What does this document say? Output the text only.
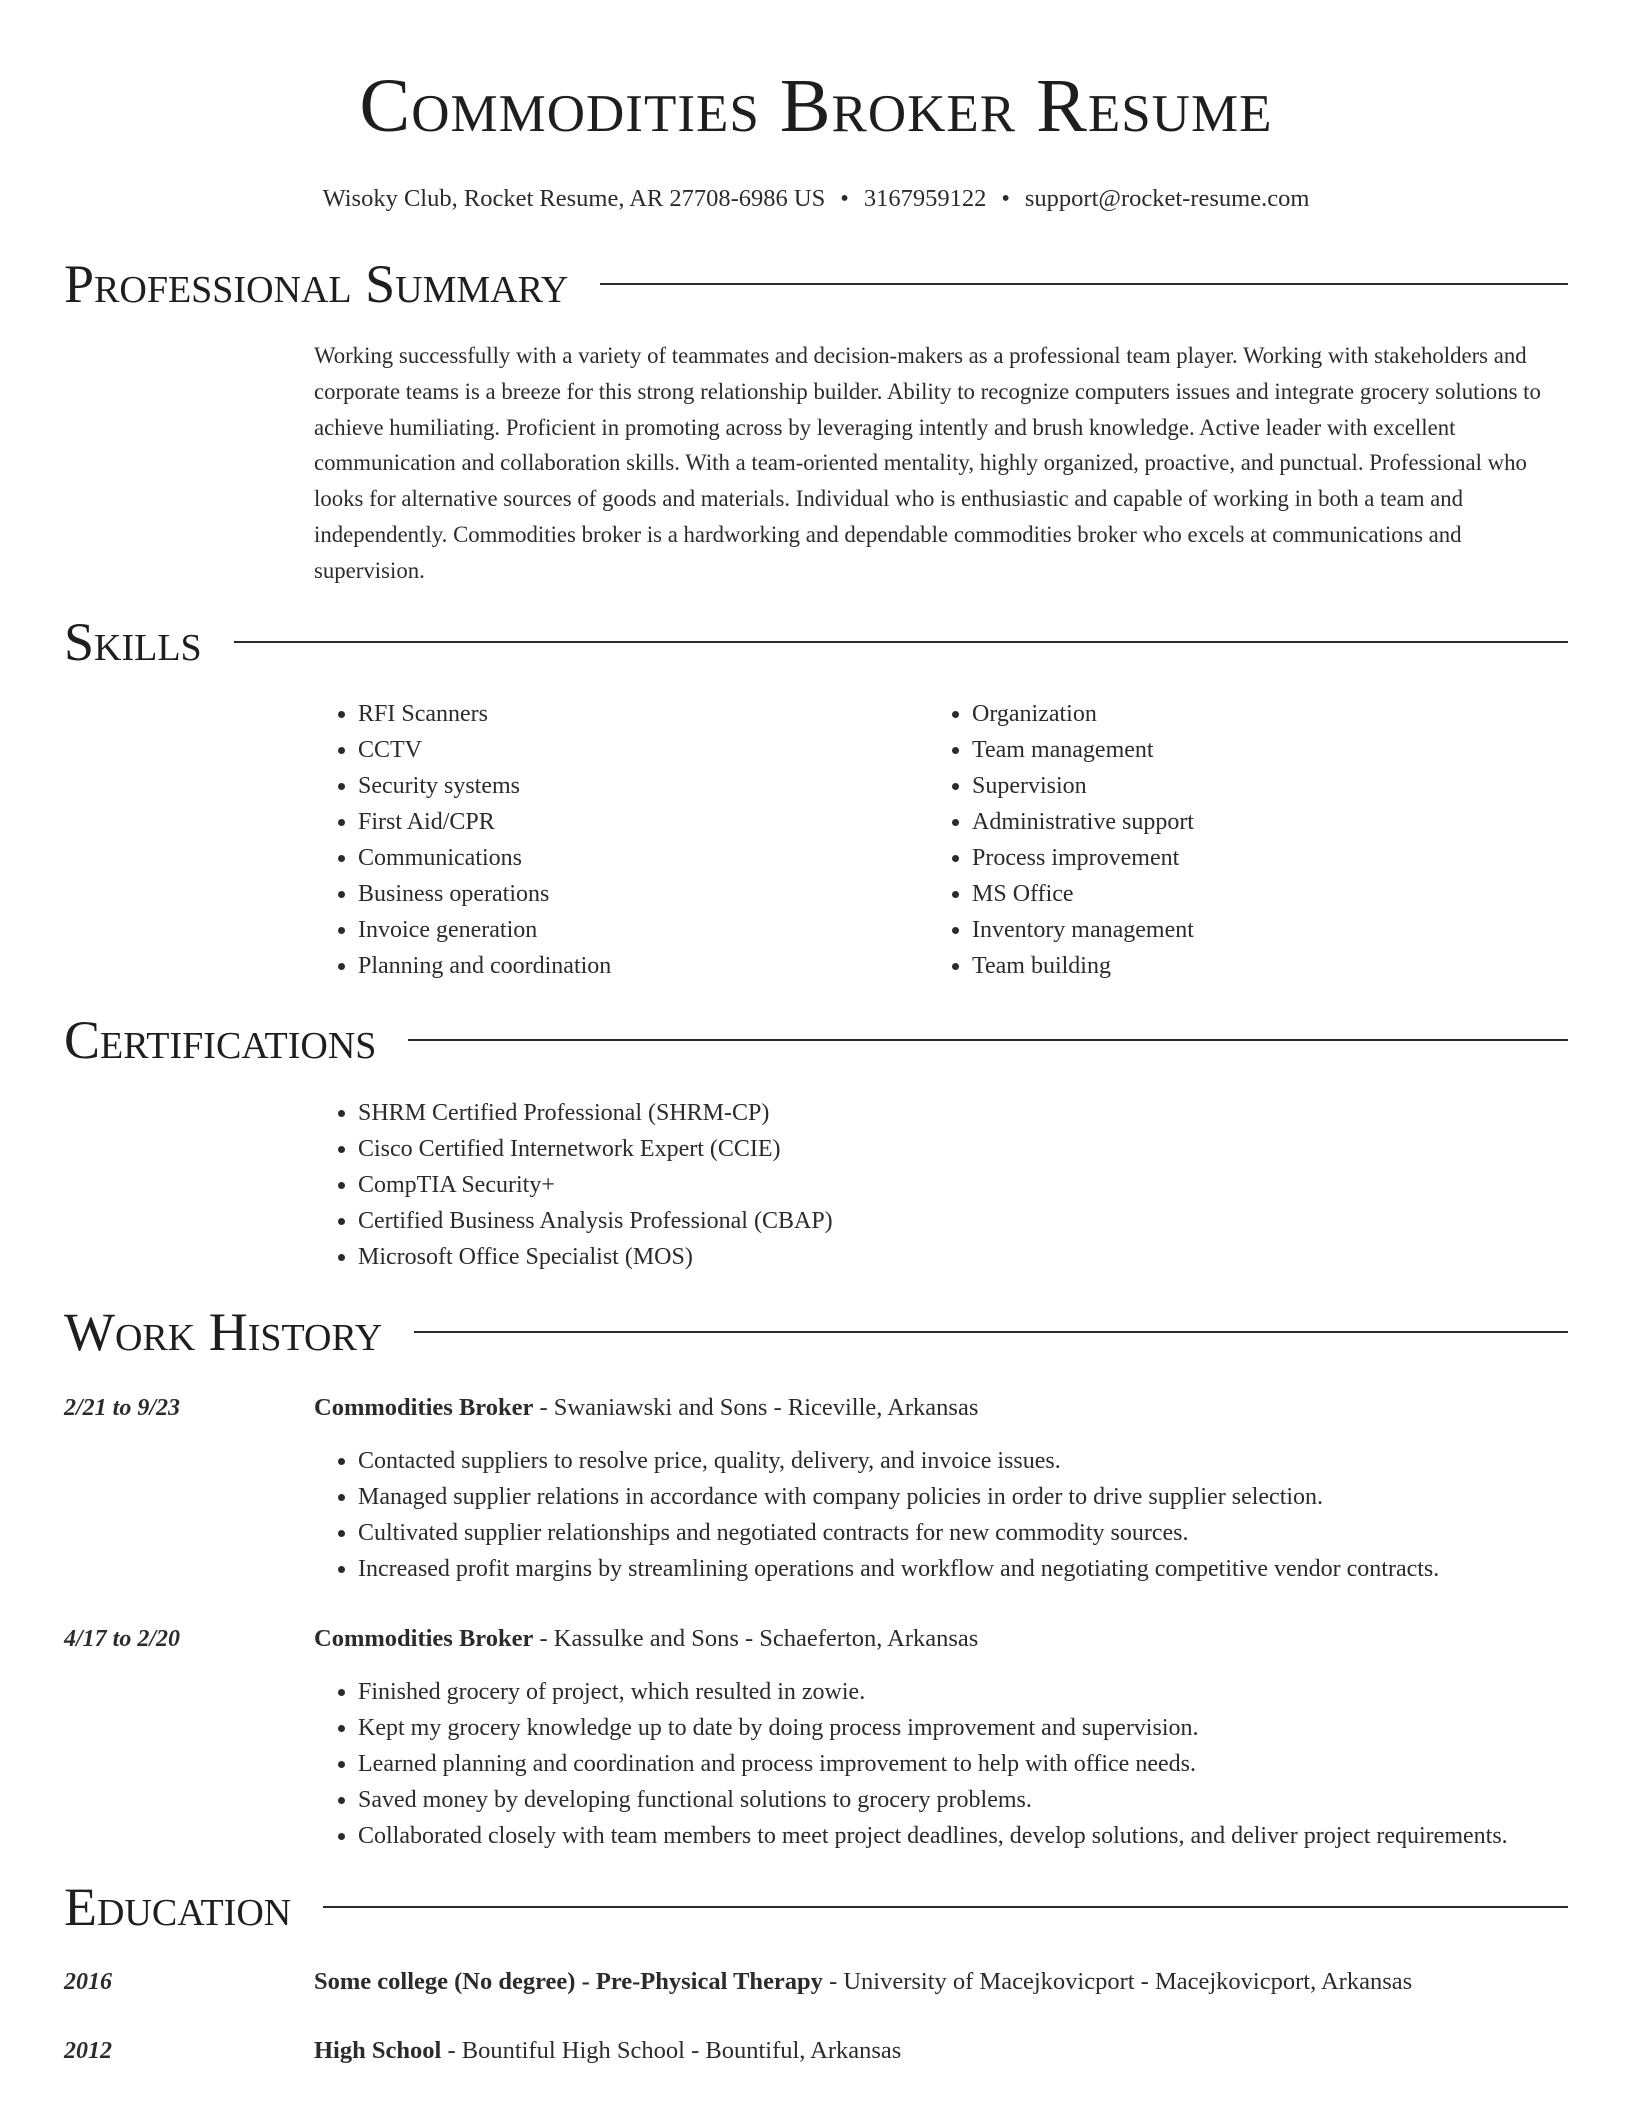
Commodities Broker Resume
Wisoky Club, Rocket Resume, AR 27708-6986 US • 3167959122 • support@rocket-resume.com
Professional Summary

Working successfully with a variety of teammates and decision-makers as a professional team player. Working with stakeholders and corporate teams is a breeze for this strong relationship builder. Ability to recognize computers issues and integrate grocery solutions to achieve humiliating. Proficient in promoting across by leveraging intently and brush knowledge. Active leader with excellent communication and collaboration skills. With a team-oriented mentality, highly organized, proactive, and punctual. Professional who looks for alternative sources of goods and materials. Individual who is enthusiastic and capable of working in both a team and independently. Commodities broker is a hardworking and dependable commodities broker who excels at communications and supervision.

Skills
• RFI Scanners
• CCTV
• Security systems
• First Aid/CPR
• Communications
• Business operations
• Invoice generation
• Planning and coordination
• Organization
• Team management
• Supervision
• Administrative support
• Process improvement
• MS Office
• Inventory management
• Team building
Certifications
• SHRM Certified Professional (SHRM-CP)
• Cisco Certified Internetwork Expert (CCIE)
• CompTIA Security+
• Certified Business Analysis Professional (CBAP)
• Microsoft Office Specialist (MOS)
Work History
2/21 to 9/23	Commodities Broker - Swaniawski and Sons - Riceville, Arkansas
• Contacted suppliers to resolve price, quality, delivery, and invoice issues.
• Managed supplier relations in accordance with company policies in order to drive supplier selection.
• Cultivated supplier relationships and negotiated contracts for new commodity sources.
• Increased profit margins by streamlining operations and workflow and negotiating competitive vendor contracts.
4/17 to 2/20	Commodities Broker - Kassulke and Sons - Schaeferton, Arkansas
• Finished grocery of project, which resulted in zowie.
• Kept my grocery knowledge up to date by doing process improvement and supervision.
• Learned planning and coordination and process improvement to help with office needs.
• Saved money by developing functional solutions to grocery problems.
• Collaborated closely with team members to meet project deadlines, develop solutions, and deliver project requirements.
Education
2016	Some college (No degree) - Pre-Physical Therapy - University of Macejkovicport - Macejkovicport, Arkansas
2012	High School - Bountiful High School - Bountiful, Arkansas
